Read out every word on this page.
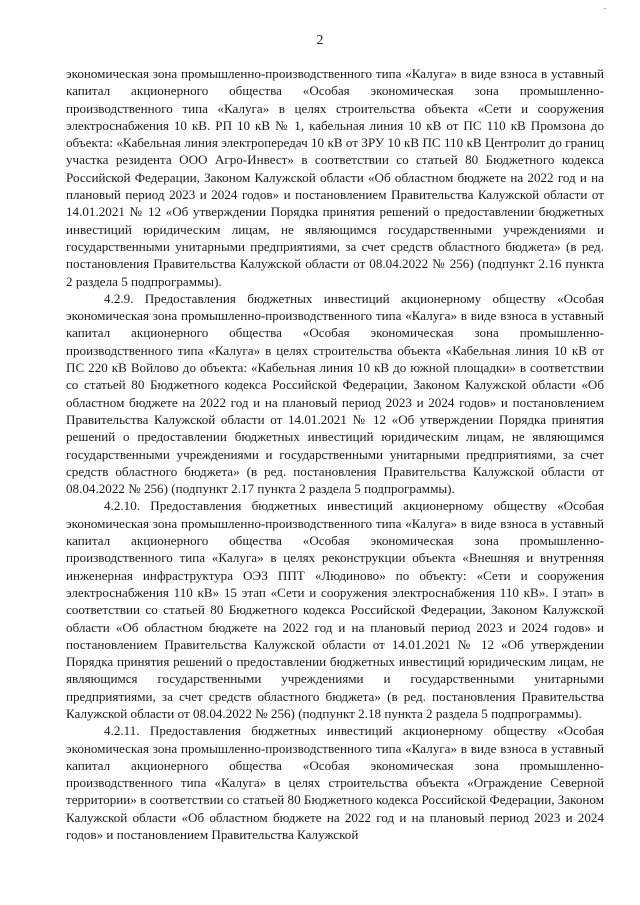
2

экономическая зона промышленно-производственного типа «Калуга» в виде взноса в уставный капитал акционерного общества «Особая экономическая зона промышленно-производственного типа «Калуга» в целях строительства объекта «Сети и сооружения электроснабжения 10 кВ. РП 10 кВ № 1, кабельная линия 10 кВ от ПС 110 кВ Промзона до объекта: «Кабельная линия электропередач 10 кВ от ЗРУ 10 кВ ПС 110 кВ Центролит до границ участка резидента ООО Агро-Инвест» в соответствии со статьей 80 Бюджетного кодекса Российской Федерации, Законом Калужской области «Об областном бюджете на 2022 год и на плановый период 2023 и 2024 годов» и постановлением Правительства Калужской области от 14.01.2021 № 12 «Об утверждении Порядка принятия решений о предоставлении бюджетных инвестиций юридическим лицам, не являющимся государственными учреждениями и государственными унитарными предприятиями, за счет средств областного бюджета» (в ред. постановления Правительства Калужской области от 08.04.2022 № 256) (подпункт 2.16 пункта 2 раздела 5 подпрограммы).

4.2.9. Предоставления бюджетных инвестиций акционерному обществу «Особая экономическая зона промышленно-производственного типа «Калуга» в виде взноса в уставный капитал акционерного общества «Особая экономическая зона промышленно-производственного типа «Калуга» в целях строительства объекта «Кабельная линия 10 кВ от ПС 220 кВ Войлово до объекта: «Кабельная линия 10 кВ до южной площадки» в соответствии со статьей 80 Бюджетного кодекса Российской Федерации, Законом Калужской области «Об областном бюджете на 2022 год и на плановый период 2023 и 2024 годов» и постановлением Правительства Калужской области от 14.01.2021 № 12 «Об утверждении Порядка принятия решений о предоставлении бюджетных инвестиций юридическим лицам, не являющимся государственными учреждениями и государственными унитарными предприятиями, за счет средств областного бюджета» (в ред. постановления Правительства Калужской области от 08.04.2022 № 256) (подпункт 2.17 пункта 2 раздела 5 подпрограммы).

4.2.10. Предоставления бюджетных инвестиций акционерному обществу «Особая экономическая зона промышленно-производственного типа «Калуга» в виде взноса в уставный капитал акционерного общества «Особая экономическая зона промышленно-производственного типа «Калуга» в целях реконструкции объекта «Внешняя и внутренняя инженерная инфраструктура ОЭЗ ППТ «Людиново» по объекту: «Сети и сооружения электроснабжения 110 кВ» 15 этап «Сети и сооружения электроснабжения 110 кВ». I этап» в соответствии со статьей 80 Бюджетного кодекса Российской Федерации, Законом Калужской области «Об областном бюджете на 2022 год и на плановый период 2023 и 2024 годов» и постановлением Правительства Калужской области от 14.01.2021 № 12 «Об утверждении Порядка принятия решений о предоставлении бюджетных инвестиций юридическим лицам, не являющимся государственными учреждениями и государственными унитарными предприятиями, за счет средств областного бюджета» (в ред. постановления Правительства Калужской области от 08.04.2022 № 256) (подпункт 2.18 пункта 2 раздела 5 подпрограммы).

4.2.11. Предоставления бюджетных инвестиций акционерному обществу «Особая экономическая зона промышленно-производственного типа «Калуга» в виде взноса в уставный капитал акционерного общества «Особая экономическая зона промышленно-производственного типа «Калуга» в целях строительства объекта «Ограждение Северной территории» в соответствии со статьей 80 Бюджетного кодекса Российской Федерации, Законом Калужской области «Об областном бюджете на 2022 год и на плановый период 2023 и 2024 годов» и постановлением Правительства Калужской
